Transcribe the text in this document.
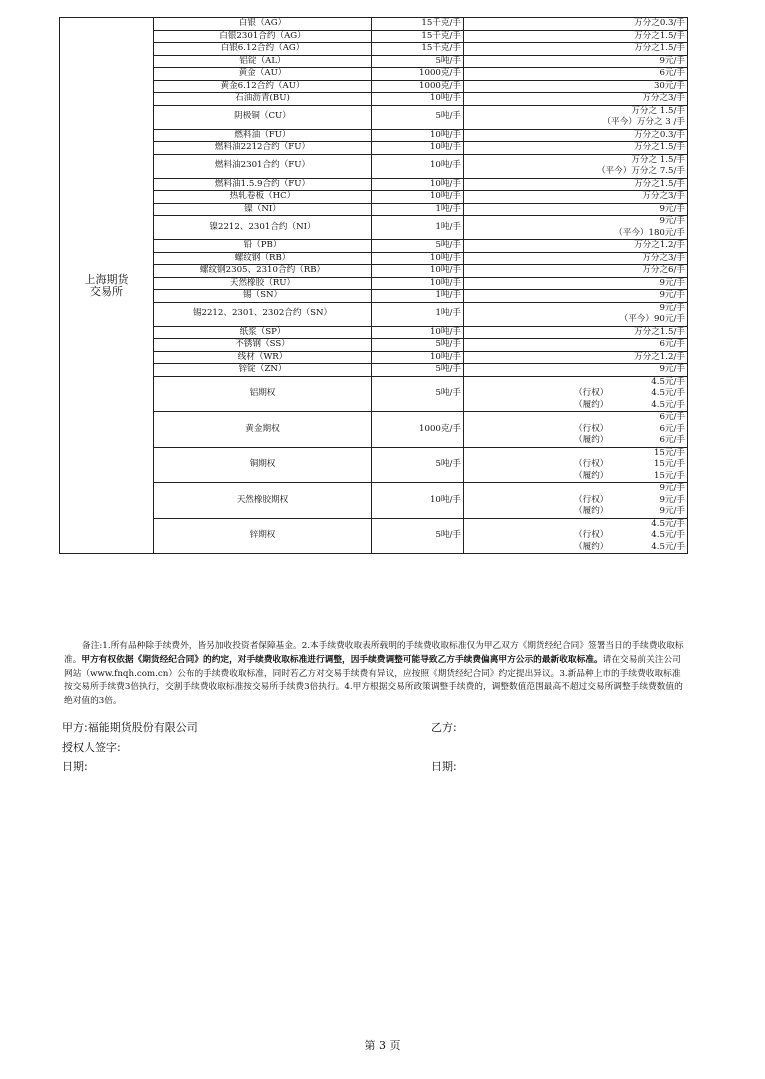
上海期货
交易所	白银（AG）	15千克/手	万分之0.3/手

	白银2301合约（AG）	15千克/手	万分之1.5/手

	白银6.12合约（AG）	15千克/手	万分之1.5/手

	铝锭（AL）	5吨/手	9元/手

	黄金（AU）	1000克/手	6元/手

	黄金6.12合约（AU）	1000克/手	30元/手

	石油沥青(BU)	10吨/手	万分之3/手

	阴极铜（CU）	5吨/手	万分之 1.5/手
（平今）万分之 3 /手

	燃料油（FU）	10吨/手	万分之0.3/手

	燃料油2212合约（FU）	10吨/手	万分之1.5/手

	燃料油2301合约（FU）	10吨/手	万分之 1.5/手
（平今）万分之 7.5/手

	燃料油1.5.9合约（FU）	10吨/手	万分之1.5/手

	热轧卷板（HC）	10吨/手	万分之3/手

	镍（NI）	1吨/手	9元/手

	镍2212、2301合约（NI）	1吨/手	9元/手
（平今）180元/手

	铅（PB）	5吨/手	万分之1.2/手

	螺纹钢（RB）	10吨/手	万分之3/手

	螺纹钢2305、2310合约（RB）	10吨/手	万分之6/手

	天然橡胶（RU）	10吨/手	9元/手

	锡（SN）	1吨/手	9元/手

	锡2212、2301、2302合约（SN）	1吨/手	9元/手
（平今）90元/手

	纸浆（SP）	10吨/手	万分之1.5/手

	不锈钢（SS）	5吨/手	6元/手

	线材（WR）	10吨/手	万分之1.2/手

	锌锭（ZN）	5吨/手	9元/手

	铝期权	5吨/手	4.5元/手
（行权） 4.5元/手
（履约） 4.5元/手

	黄金期权	1000克/手	6元/手
（行权） 6元/手
（履约） 6元/手

	铜期权	5吨/手	15元/手
（行权） 15元/手
（履约） 15元/手

	天然橡胶期权	10吨/手	9元/手
（行权） 9元/手
（履约） 9元/手

	锌期权	5吨/手	4.5元/手
（行权） 4.5元/手
（履约） 4.5元/手
备注:1.所有品种除手续费外，皆另加收投资者保障基金。2.本手续费收取表所载明的手续费收取标准仅为甲乙双方《期货经纪合同》签署当日的手续费收取标准。甲方有权依据《期货经纪合同》的约定，对手续费收取标准进行调整，因手续费调整可能导致乙方手续费偏离甲方公示的最新收取标准。请在交易前关注公司网站（www.fnqh.com.cn）公布的手续费收取标准，同时若乙方对交易手续费有异议，应按照《期货经纪合同》约定提出异议。3.新品种上市的手续费收取标准按交易所手续费3倍执行，交割手续费收取标准按交易所手续费3倍执行。4.甲方根据交易所政策调整手续费的，调整数值范围最高不超过交易所调整手续费数值的绝对值的3倍。
甲方:福能期货股份有限公司	乙方:
授权人签字:
日期:	日期:
第 3 页
